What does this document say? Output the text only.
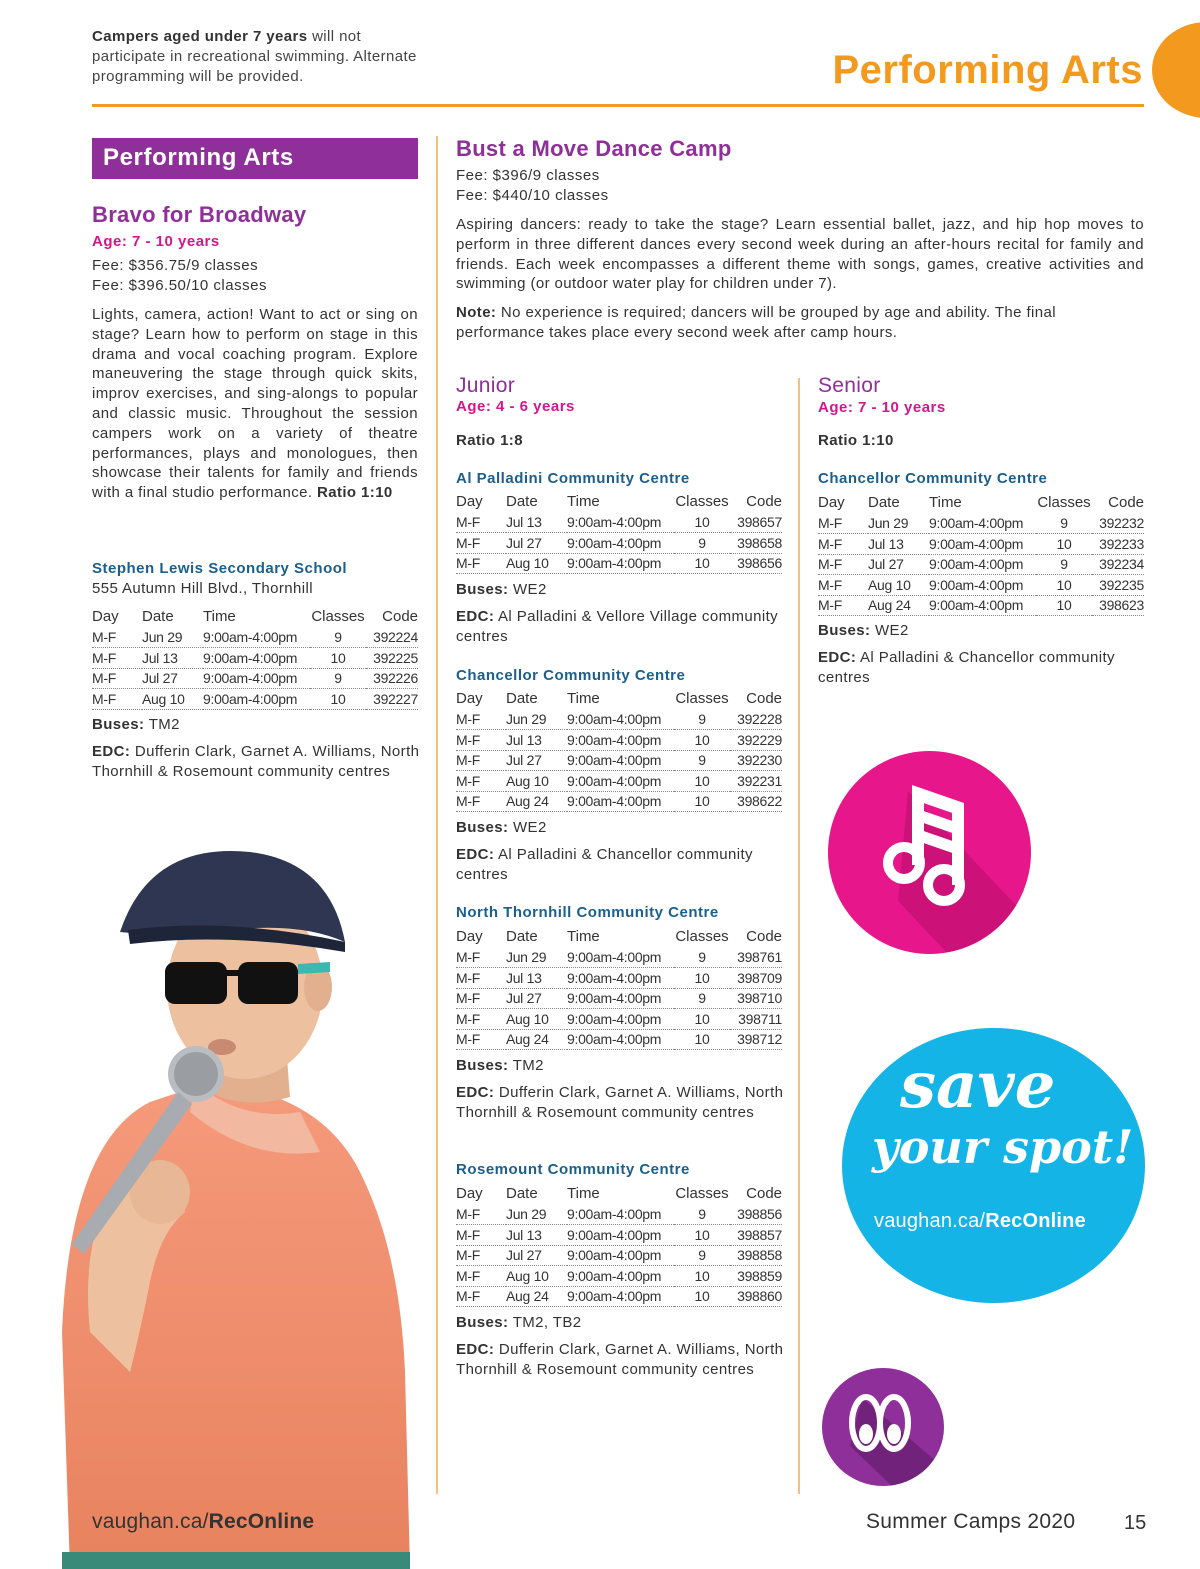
Campers aged under 7 years will not participate in recreational swimming. Alternate programming will be provided.	Performing Arts
Performing Arts
Bravo for Broadway
Age: 7 - 10 years
Fee: $356.75/9 classes
Fee: $396.50/10 classes
Lights, camera, action! Want to act or sing on stage? Learn how to perform on stage in this drama and vocal coaching program. Explore maneuvering the stage through quick skits, improv exercises, and sing-alongs to popular and classic music. Throughout the session campers work on a variety of theatre performances, plays and monologues, then showcase their talents for family and friends with a final studio performance. Ratio 1:10
Stephen Lewis Secondary School
555 Autumn Hill Blvd., Thornhill
Day	Date	Time	Classes	Code
M-F	Jun 29	9:00am-4:00pm	9	392224
M-F	Jul 13	9:00am-4:00pm	10	392225
M-F	Jul 27	9:00am-4:00pm	9	392226
M-F	Aug 10	9:00am-4:00pm	10	392227
Buses: TM2
EDC: Dufferin Clark, Garnet A. Williams, North Thornhill & Rosemount community centres
Bust a Move Dance Camp
Fee: $396/9 classes
Fee: $440/10 classes
Aspiring dancers: ready to take the stage? Learn essential ballet, jazz, and hip hop moves to perform in three different dances every second week during an after-hours recital for family and friends. Each week encompasses a different theme with songs, games, creative activities and swimming (or outdoor water play for children under 7).
Note: No experience is required; dancers will be grouped by age and ability. The final performance takes place every second week after camp hours.
Junior
Age: 4 - 6 years
Ratio 1:8
Al Palladini Community Centre
Day	Date	Time	Classes	Code
M-F	Jul 13	9:00am-4:00pm	10	398657
M-F	Jul 27	9:00am-4:00pm	9	398658
M-F	Aug 10	9:00am-4:00pm	10	398656
Buses: WE2
EDC: Al Palladini & Vellore Village community centres
Chancellor Community Centre
Day	Date	Time	Classes	Code
M-F	Jun 29	9:00am-4:00pm	9	392228
M-F	Jul 13	9:00am-4:00pm	10	392229
M-F	Jul 27	9:00am-4:00pm	9	392230
M-F	Aug 10	9:00am-4:00pm	10	392231
M-F	Aug 24	9:00am-4:00pm	10	398622
Buses: WE2
EDC: Al Palladini & Chancellor community centres
North Thornhill Community Centre
Day	Date	Time	Classes	Code
M-F	Jun 29	9:00am-4:00pm	9	398761
M-F	Jul 13	9:00am-4:00pm	10	398709
M-F	Jul 27	9:00am-4:00pm	9	398710
M-F	Aug 10	9:00am-4:00pm	10	398711
M-F	Aug 24	9:00am-4:00pm	10	398712
Buses: TM2
EDC: Dufferin Clark, Garnet A. Williams, North Thornhill & Rosemount community centres
Rosemount Community Centre
Day	Date	Time	Classes	Code
M-F	Jun 29	9:00am-4:00pm	9	398856
M-F	Jul 13	9:00am-4:00pm	10	398857
M-F	Jul 27	9:00am-4:00pm	9	398858
M-F	Aug 10	9:00am-4:00pm	10	398859
M-F	Aug 24	9:00am-4:00pm	10	398860
Buses: TM2, TB2
EDC: Dufferin Clark, Garnet A. Williams, North Thornhill & Rosemount community centres
Senior
Age: 7 - 10 years
Ratio 1:10
Chancellor Community Centre
Day	Date	Time	Classes	Code
M-F	Jun 29	9:00am-4:00pm	9	392232
M-F	Jul 13	9:00am-4:00pm	10	392233
M-F	Jul 27	9:00am-4:00pm	9	392234
M-F	Aug 10	9:00am-4:00pm	10	392235
M-F	Aug 24	9:00am-4:00pm	10	398623
Buses: WE2
EDC: Al Palladini & Chancellor community centres
save
your spot!
vaughan.ca/RecOnline
vaughan.ca/RecOnline	Summer Camps 2020 15
